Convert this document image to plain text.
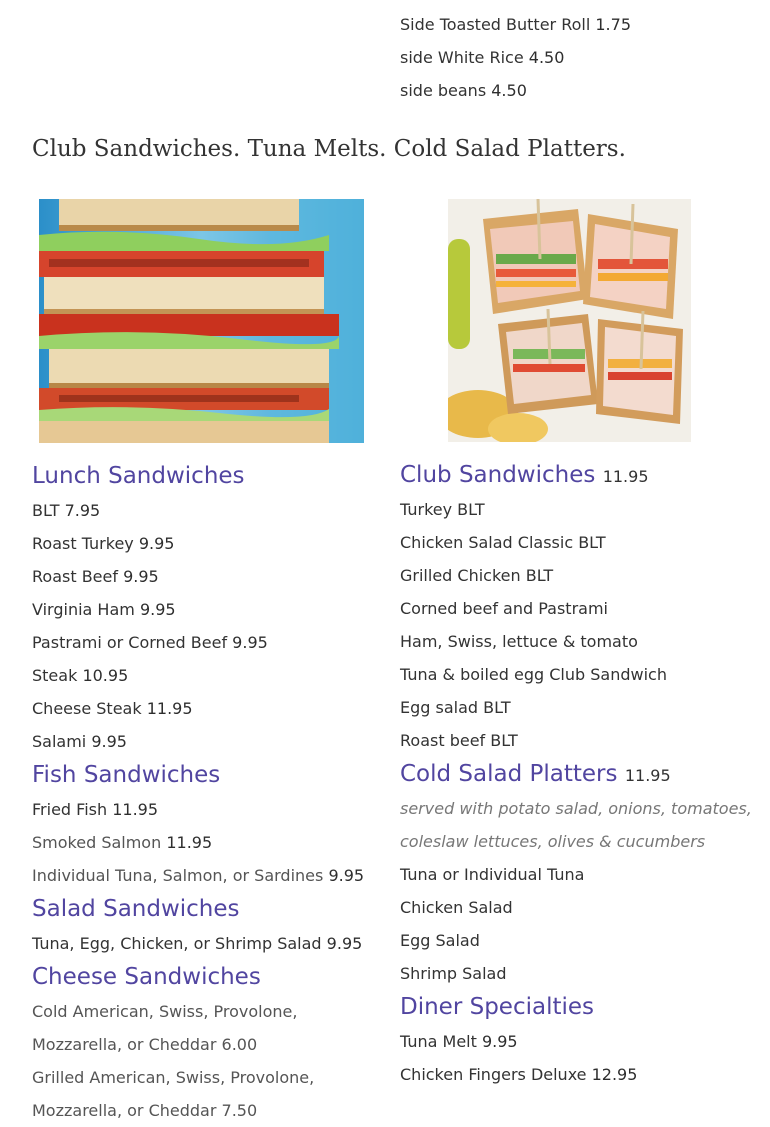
Side Toasted Butter Roll 1.75
side White Rice 4.50
side beans 4.50
Club Sandwiches. Tuna Melts. Cold Salad Platters.
Lunch Sandwiches
BLT 7.95
Roast Turkey 9.95
Roast Beef 9.95
Virginia Ham 9.95
Pastrami or Corned Beef 9.95
Steak 10.95
Cheese Steak 11.95
Salami 9.95
Fish Sandwiches
Fried Fish 11.95
Smoked Salmon 11.95
Individual Tuna, Salmon, or Sardines 9.95
Salad Sandwiches
Tuna, Egg, Chicken, or Shrimp Salad 9.95
Cheese Sandwiches
Cold American, Swiss, Provolone,
Mozzarella, or Cheddar 6.00
Grilled American, Swiss, Provolone,
Mozzarella, or Cheddar 7.50
Club Sandwiches 11.95
Turkey BLT
Chicken Salad Classic BLT
Grilled Chicken BLT
Corned beef and Pastrami
Ham, Swiss, lettuce & tomato
Tuna & boiled egg Club Sandwich
Egg salad BLT
Roast beef BLT
Cold Salad Platters 11.95
served with potato salad, onions, tomatoes,
coleslaw lettuces, olives & cucumbers
Tuna or Individual Tuna
Chicken Salad
Egg Salad
Shrimp Salad
Diner Specialties
Tuna Melt 9.95
Chicken Fingers Deluxe 12.95
